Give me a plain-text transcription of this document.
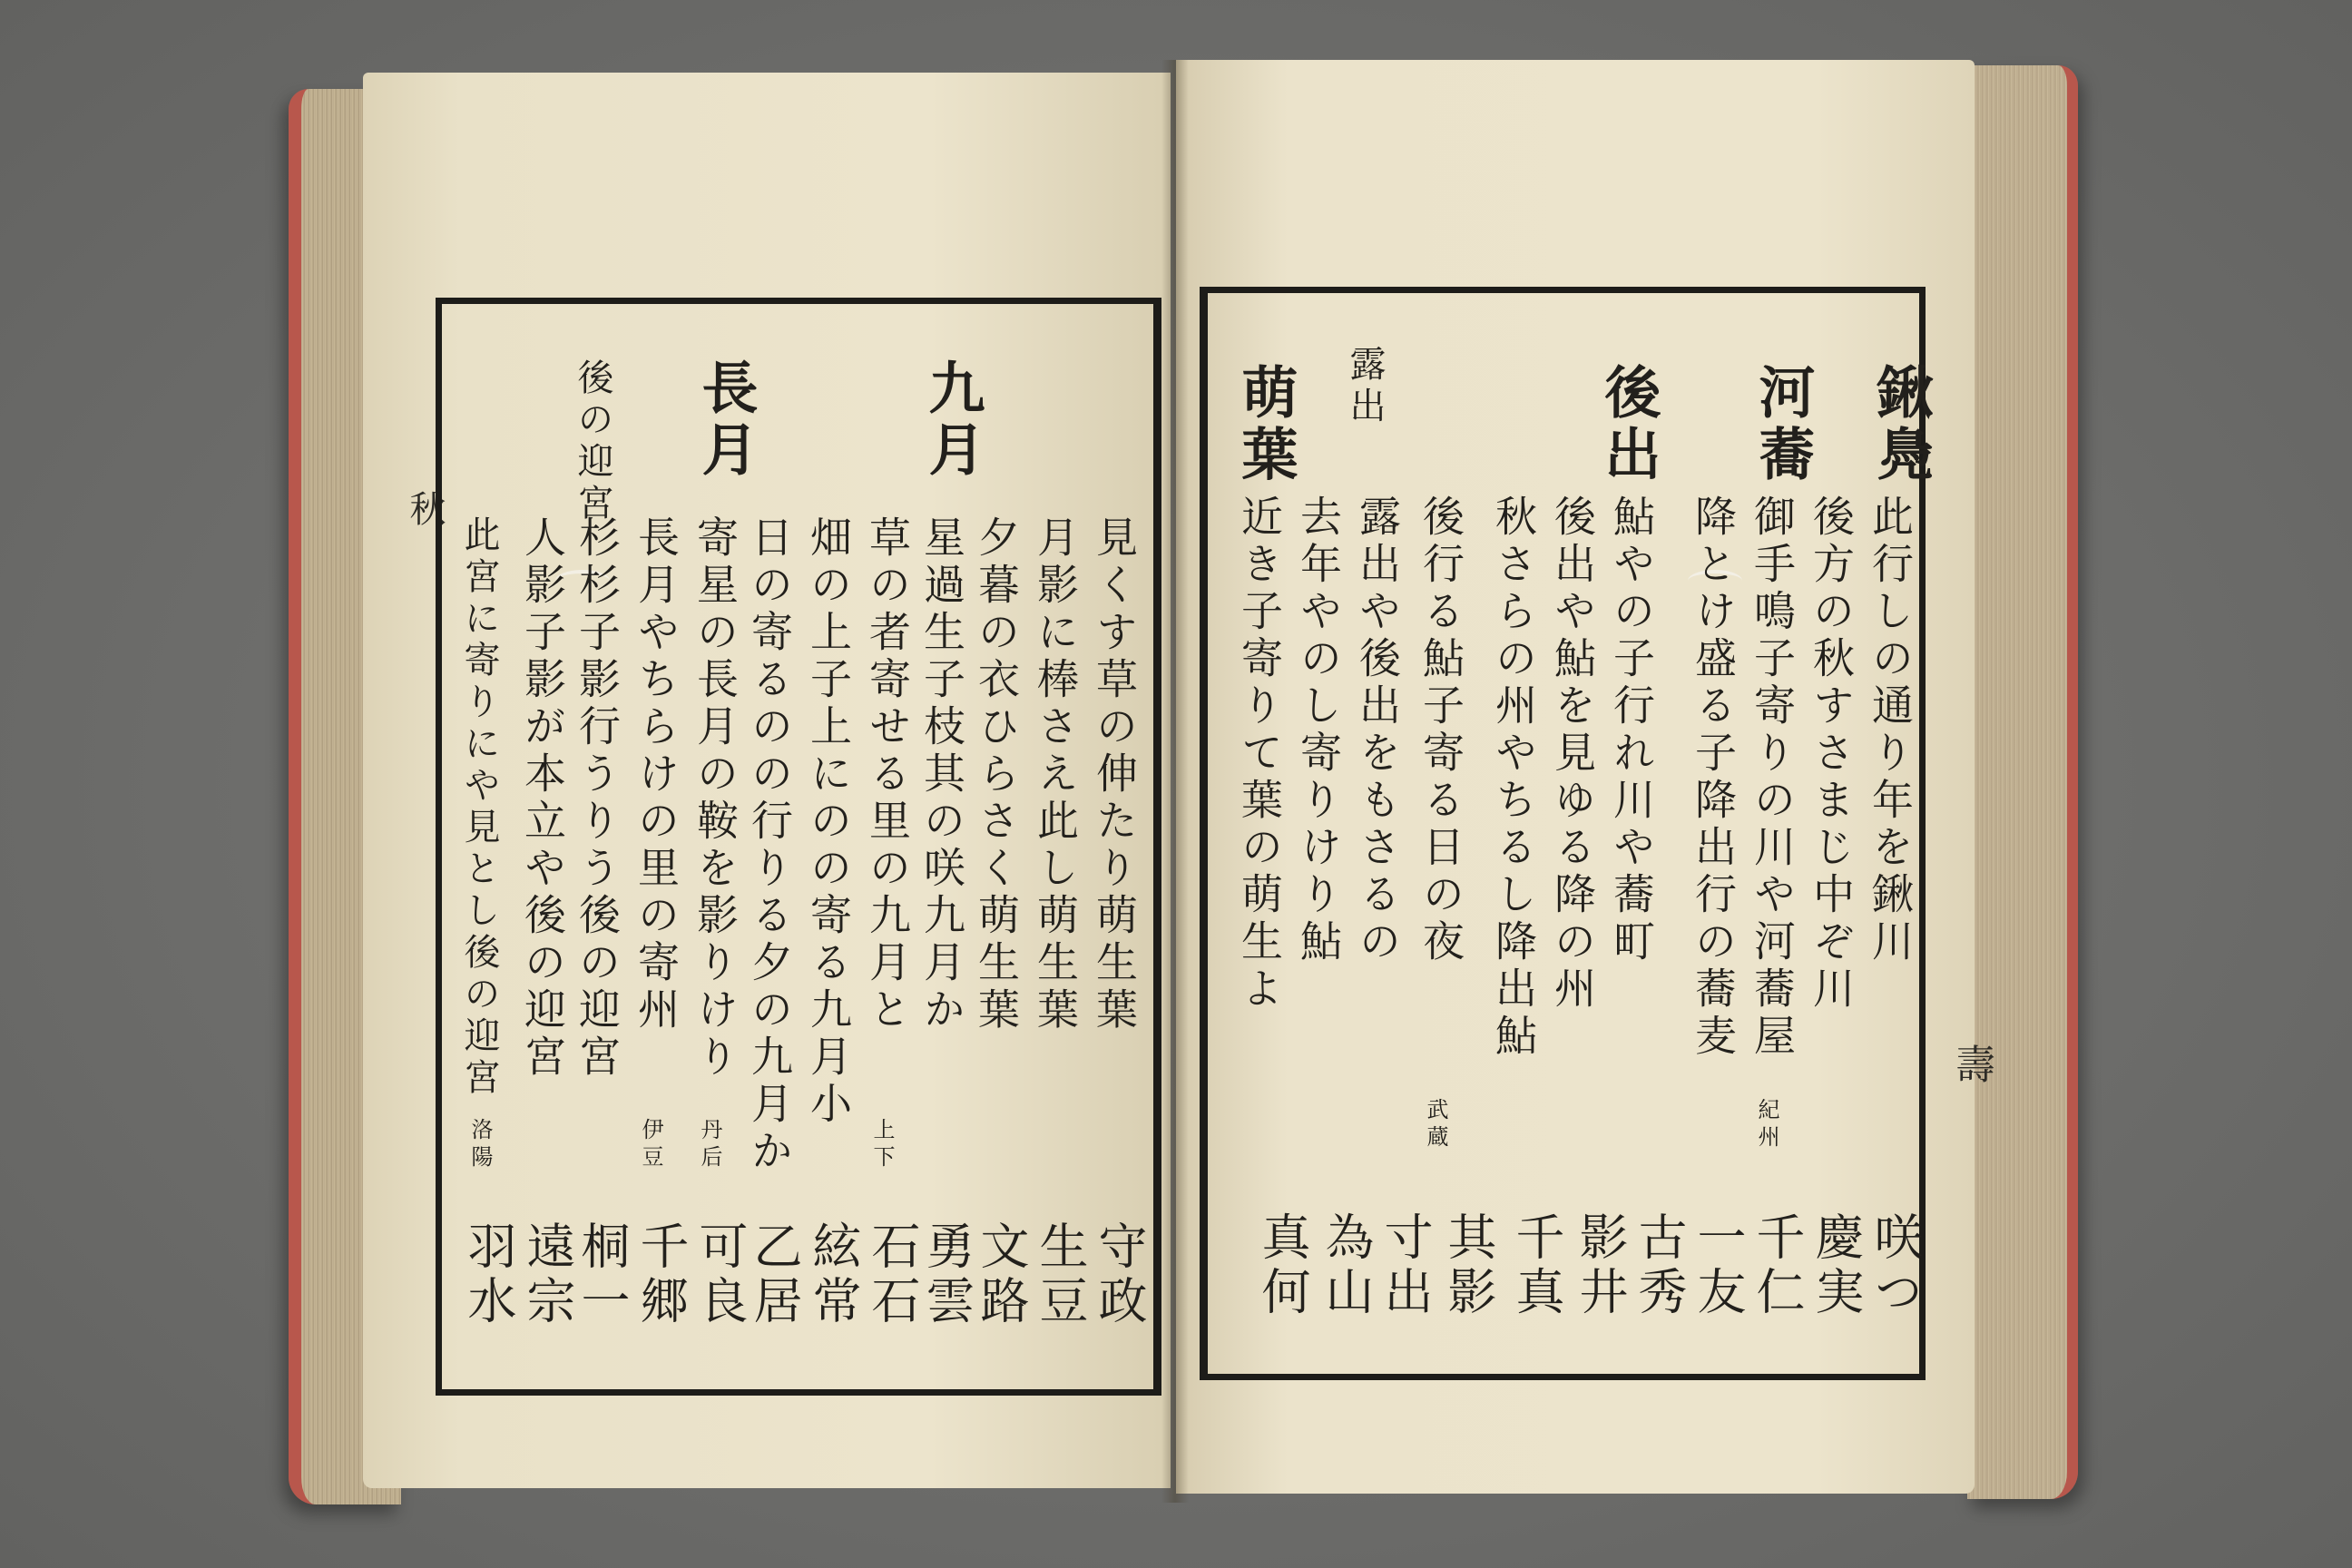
秋
壽
鍬鳧
河蕎
後出
露出
萌葉
此行しの通り年を鍬川
後方の秋すさまじ中ぞ川
御手鳴子寄りの川や河蕎屋
降とけ盛る子降出行の蕎麦
鮎やの子行れ川や蕎町
後出や鮎を見ゆる降の州
秋さらの州やちるし降出鮎
後行る鮎子寄る日の夜
露出や後出をもさるの
去年やのし寄りけり鮎
近き子寄りて葉の萌生よ
紀州
武蔵
咲つ
慶実
千仁
一友
古秀
影井
千真
其影
寸出
為山
真何
九月
長月
後の迎宮
見くす草の伸たり萌生葉
月影に棒さえ此し萌生葉
夕暮の衣ひらさく萌生葉
星過生子枝其の咲九月か
草の者寄せる里の九月と
畑の上子上にのの寄る九月小
日の寄るのの行りる夕の九月か
寄星の長月の鞍を影りけり
長月やちらけの里の寄州
杉杉子影行うりう後の迎宮
人影子影が本立や後の迎宮
此宮に寄りにや見とし後の迎宮
上下
丹后
伊豆
洛陽
守政
生豆
文路
勇雲
石石
絃常
乙居
可良
千郷
桐一
遠宗
羽水
